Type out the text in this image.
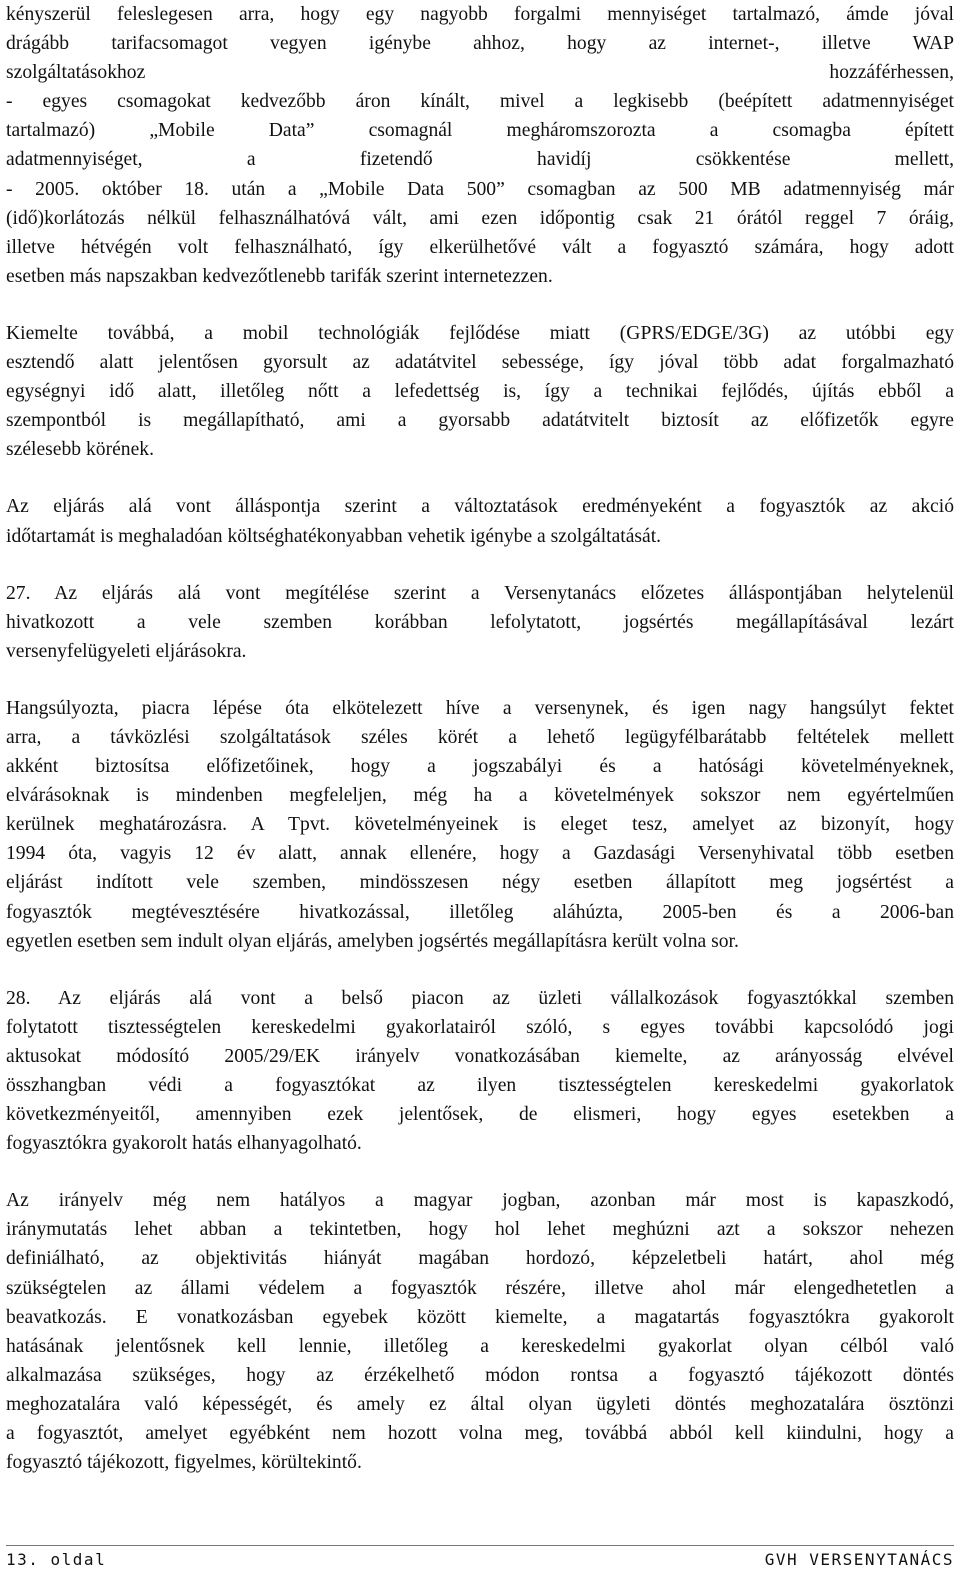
kényszerül feleslegesen arra, hogy egy nagyobb forgalmi mennyiséget tartalmazó, ámde jóval
drágább tarifacsomagot vegyen igénybe ahhoz, hogy az internet-, illetve WAP
szolgáltatásokhoz hozzáférhessen,
- egyes csomagokat kedvezőbb áron kínált, mivel a legkisebb (beépített adatmennyiséget
tartalmazó) „Mobile Data” csomagnál megháromszorozta a csomagba épített
adatmennyiséget, a fizetendő havidíj csökkentése mellett,
- 2005. október 18. után a „Mobile Data 500” csomagban az 500 MB adatmennyiség már
(idő)korlátozás nélkül felhasználhatóvá vált, ami ezen időpontig csak 21 órától reggel 7 óráig,
illetve hétvégén volt felhasználható, így elkerülhetővé vált a fogyasztó számára, hogy adott
esetben más napszakban kedvezőtlenebb tarifák szerint internetezzen.

Kiemelte továbbá, a mobil technológiák fejlődése miatt (GPRS/EDGE/3G) az utóbbi egy
esztendő alatt jelentősen gyorsult az adatátvitel sebessége, így jóval több adat forgalmazható
egységnyi idő alatt, illetőleg nőtt a lefedettség is, így a technikai fejlődés, újítás ebből a
szempontból is megállapítható, ami a gyorsabb adatátvitelt biztosít az előfizetők egyre
szélesebb körének.

Az eljárás alá vont álláspontja szerint a változtatások eredményeként a fogyasztók az akció
időtartamát is meghaladóan költséghatékonyabban vehetik igénybe a szolgáltatását.

27. Az eljárás alá vont megítélése szerint a Versenytanács előzetes álláspontjában helytelenül
hivatkozott a vele szemben korábban lefolytatott, jogsértés megállapításával lezárt
versenyfelügyeleti eljárásokra.

Hangsúlyozta, piacra lépése óta elkötelezett híve a versenynek, és igen nagy hangsúlyt fektet
arra, a távközlési szolgáltatások széles körét a lehető legügyfélbarátabb feltételek mellett
akként biztosítsa előfizetőinek, hogy a jogszabályi és a hatósági követelményeknek,
elvárásoknak is mindenben megfeleljen, még ha a követelmények sokszor nem egyértelműen
kerülnek meghatározásra. A Tpvt. követelményeinek is eleget tesz, amelyet az bizonyít, hogy
1994 óta, vagyis 12 év alatt, annak ellenére, hogy a Gazdasági Versenyhivatal több esetben
eljárást indított vele szemben, mindösszesen négy esetben állapított meg jogsértést a
fogyasztók megtévesztésére hivatkozással, illetőleg aláhúzta, 2005-ben és a 2006-ban
egyetlen esetben sem indult olyan eljárás, amelyben jogsértés megállapításra került volna sor.

28. Az eljárás alá vont a belső piacon az üzleti vállalkozások fogyasztókkal szemben
folytatott tisztességtelen kereskedelmi gyakorlatairól szóló, s egyes további kapcsolódó jogi
aktusokat módosító 2005/29/EK irányelv vonatkozásában kiemelte, az arányosság elvével
összhangban védi a fogyasztókat az ilyen tisztességtelen kereskedelmi gyakorlatok
következményeitől, amennyiben ezek jelentősek, de elismeri, hogy egyes esetekben a
fogyasztókra gyakorolt hatás elhanyagolható.

Az irányelv még nem hatályos a magyar jogban, azonban már most is kapaszkodó,
iránymutatás lehet abban a tekintetben, hogy hol lehet meghúzni azt a sokszor nehezen
definiálható, az objektivitás hiányát magában hordozó, képzeletbeli határt, ahol még
szükségtelen az állami védelem a fogyasztók részére, illetve ahol már elengedhetetlen a
beavatkozás. E vonatkozásban egyebek között kiemelte, a magatartás fogyasztókra gyakorolt
hatásának jelentősnek kell lennie, illetőleg a kereskedelmi gyakorlat olyan célból való
alkalmazása szükséges, hogy az érzékelhető módon rontsa a fogyasztó tájékozott döntés
meghozatalára való képességét, és amely ez által olyan ügyleti döntés meghozatalára ösztönzi
a fogyasztót, amelyet egyébként nem hozott volna meg, továbbá abból kell kiindulni, hogy a
fogyasztó tájékozott, figyelmes, körültekintő.

13. oldal	GVH VERSENYTANÁCS
